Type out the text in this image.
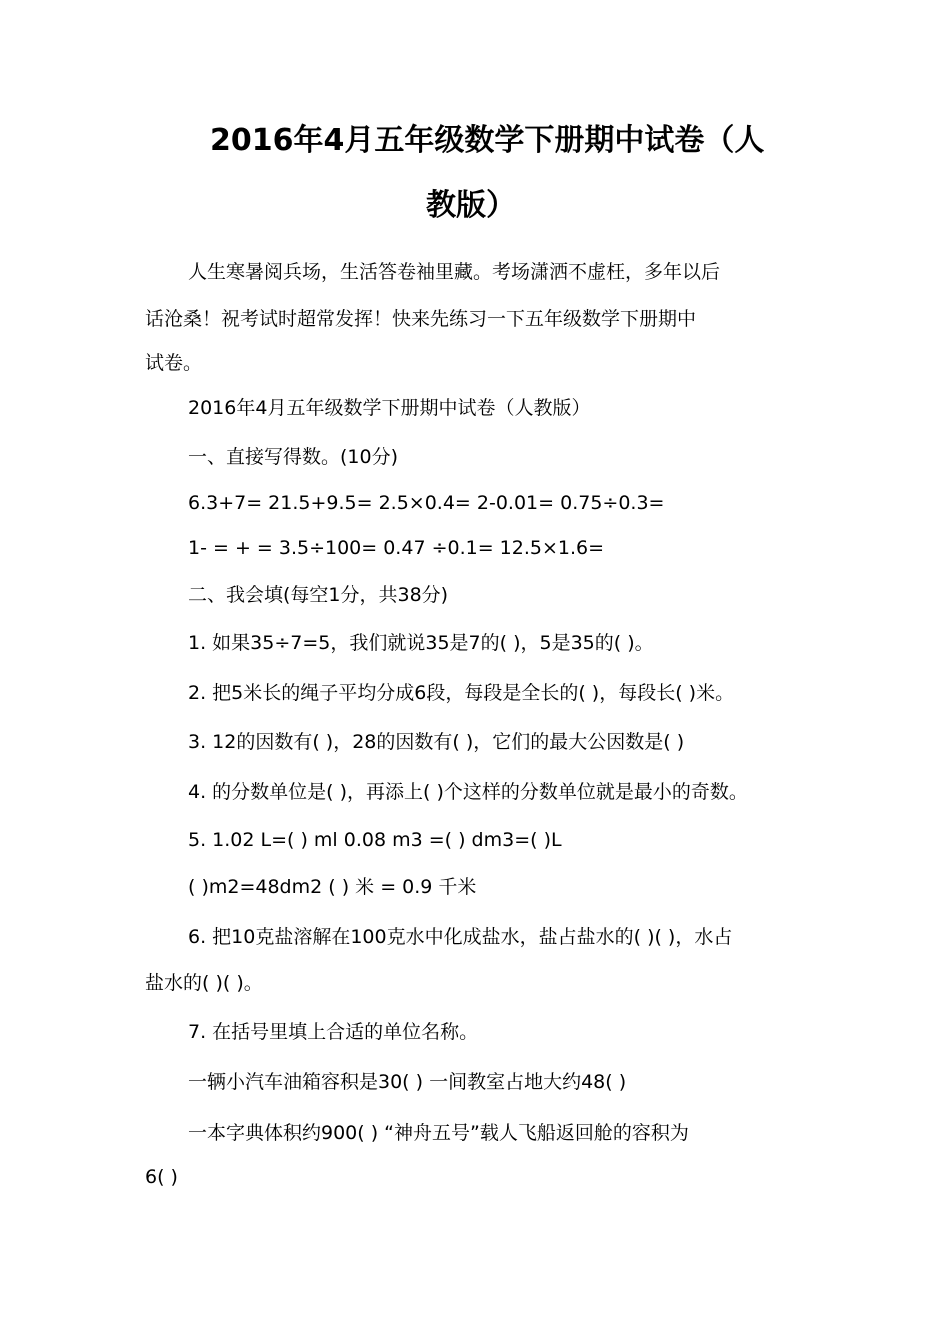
2016年4月五年级数学下册期中试卷（人
教版）
人生寒暑阅兵场，生活答卷袖里藏。考场潇洒不虚枉，多年以后
话沧桑！祝考试时超常发挥！快来先练习一下五年级数学下册期中
试卷。
2016年4月五年级数学下册期中试卷（人教版）
一、直接写得数。(10分)
6.3+7= 21.5+9.5= 2.5×0.4= 2-0.01= 0.75÷0.3=
1- = + = 3.5÷100= 0.47 ÷0.1= 12.5×1.6=
二、我会填(每空1分，共38分)
1. 如果35÷7=5，我们就说35是7的( )，5是35的( )。
2. 把5米长的绳子平均分成6段，每段是全长的( )，每段长( )米。
3. 12的因数有( )，28的因数有( )，它们的最大公因数是( )
4. 的分数单位是( )，再添上( )个这样的分数单位就是最小的奇数。
5. 1.02 L=( ) ml 0.08 m3 =( ) dm3=( )L
( )m2=48dm2 ( ) 米 = 0.9 千米
6. 把10克盐溶解在100克水中化成盐水，盐占盐水的( )( )，水占
盐水的( )( )。
7. 在括号里填上合适的单位名称。
一辆小汽车油箱容积是30( ) 一间教室占地大约48( )
一本字典体积约900( ) “神舟五号”载人飞船返回舱的容积为
6( )
